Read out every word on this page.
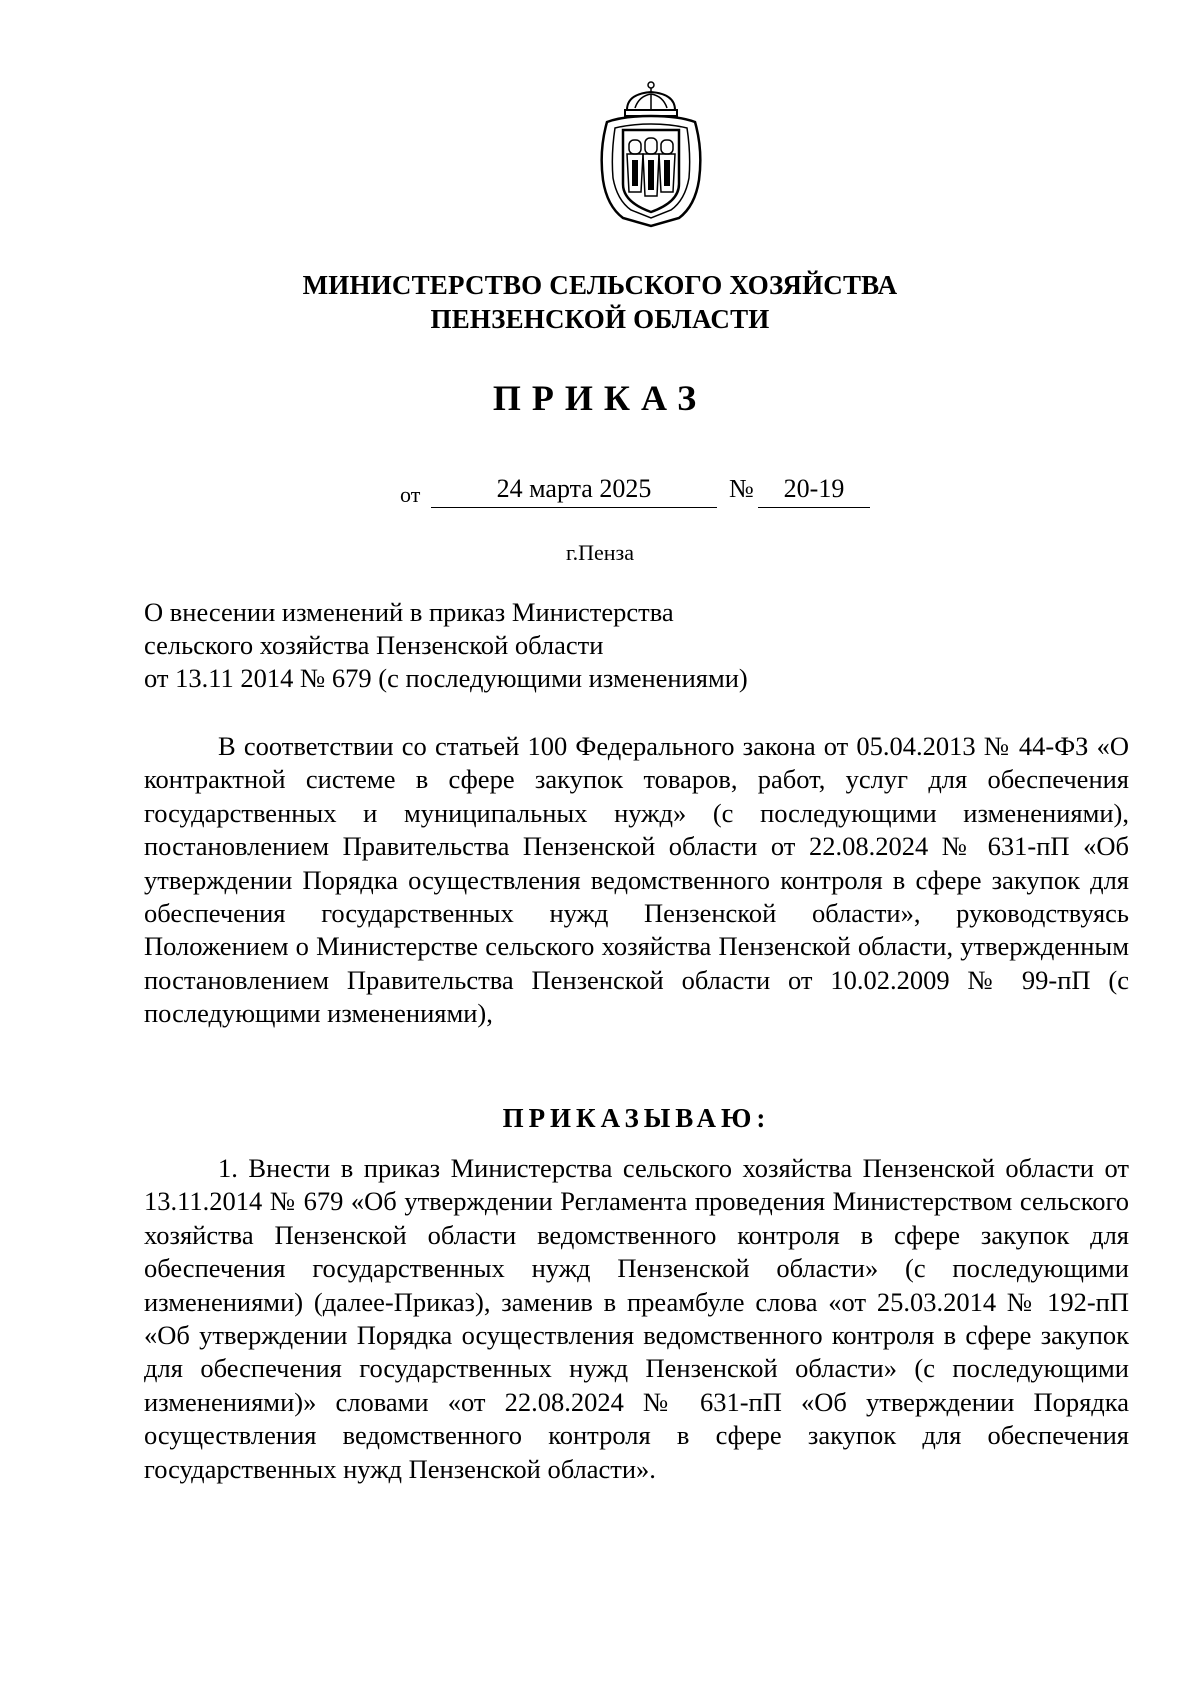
МИНИСТЕРСТВО СЕЛЬСКОГО ХОЗЯЙСТВА
ПЕНЗЕНСКОЙ ОБЛАСТИ
ПРИКАЗ
от	24 марта 2025	№	20-19
г.Пенза
О внесении изменений в приказ Министерства
сельского хозяйства Пензенской области
от 13.11 2014 № 679 (с последующими изменениями)
В соответствии со статьей 100 Федерального закона от 05.04.2013 № 44-ФЗ «О контрактной системе в сфере закупок товаров, работ, услуг для обеспечения государственных и муниципальных нужд» (с последующими изменениями), постановлением Правительства Пензенской области от 22.08.2024 № 631-пП «Об утверждении Порядка осуществления ведомственного контроля в сфере закупок для обеспечения государственных нужд Пензенской области», руководствуясь Положением о Министерстве сельского хозяйства Пензенской области, утвержденным постановлением Правительства Пензенской области от 10.02.2009 № 99-пП (с последующими изменениями),
ПРИКАЗЫВАЮ:
1. Внести в приказ Министерства сельского хозяйства Пензенской области от 13.11.2014 № 679 «Об утверждении Регламента проведения Министерством сельского хозяйства Пензенской области ведомственного контроля в сфере закупок для обеспечения государственных нужд Пензенской области» (с последующими изменениями) (далее-Приказ), заменив в преамбуле слова «от 25.03.2014 № 192-пП «Об утверждении Порядка осуществления ведомственного контроля в сфере закупок для обеспечения государственных нужд Пензенской области» (с последующими изменениями)» словами «от 22.08.2024 № 631-пП «Об утверждении Порядка осуществления ведомственного контроля в сфере закупок для обеспечения государственных нужд Пензенской области».
